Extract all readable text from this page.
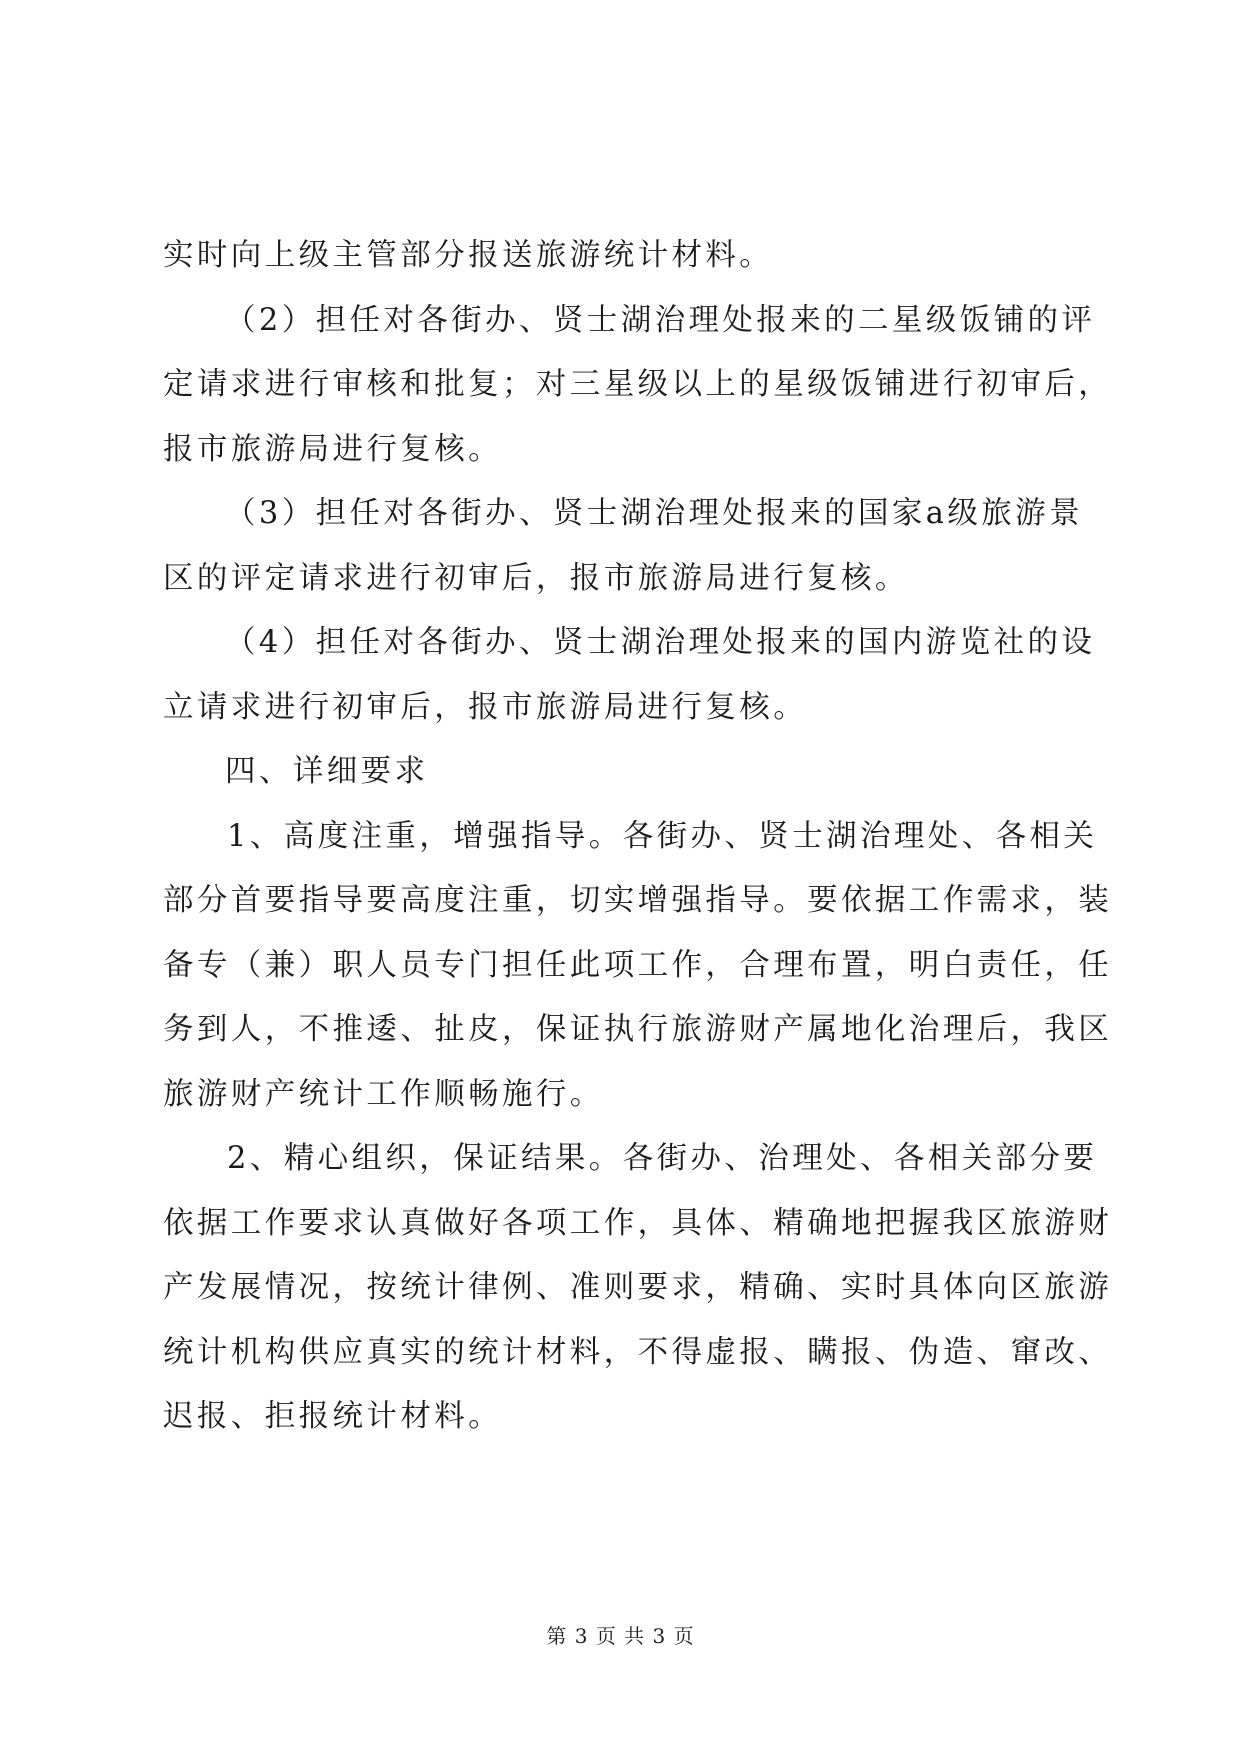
实时向上级主管部分报送旅游统计材料。
（2）担任对各街办、贤士湖治理处报来的二星级饭铺的评
定请求进行审核和批复；对三星级以上的星级饭铺进行初审后，
报市旅游局进行复核。
（3）担任对各街办、贤士湖治理处报来的国家a级旅游景
区的评定请求进行初审后，报市旅游局进行复核。
（4）担任对各街办、贤士湖治理处报来的国内游览社的设
立请求进行初审后，报市旅游局进行复核。
四、详细要求
1、高度注重，增强指导。各街办、贤士湖治理处、各相关
部分首要指导要高度注重，切实增强指导。要依据工作需求，装
备专（兼）职人员专门担任此项工作，合理布置，明白责任，任
务到人，不推逶、扯皮，保证执行旅游财产属地化治理后，我区
旅游财产统计工作顺畅施行。
2、精心组织，保证结果。各街办、治理处、各相关部分要
依据工作要求认真做好各项工作，具体、精确地把握我区旅游财
产发展情况，按统计律例、准则要求，精确、实时具体向区旅游
统计机构供应真实的统计材料，不得虚报、瞒报、伪造、窜改、
迟报、拒报统计材料。
第 3 页 共 3 页
